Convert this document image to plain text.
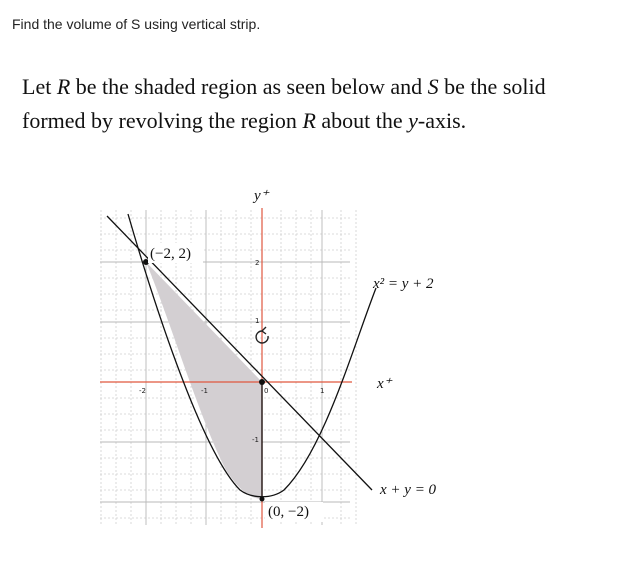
Find the volume of S using vertical strip.
Let R be the shaded region as seen below and S be the solid formed by revolving the region R about the y-axis.
-2	-1	1
2
1
-1
0
y⁺
x⁺
x² = y + 2
x + y = 0
(−2, 2)
(0, −2)
